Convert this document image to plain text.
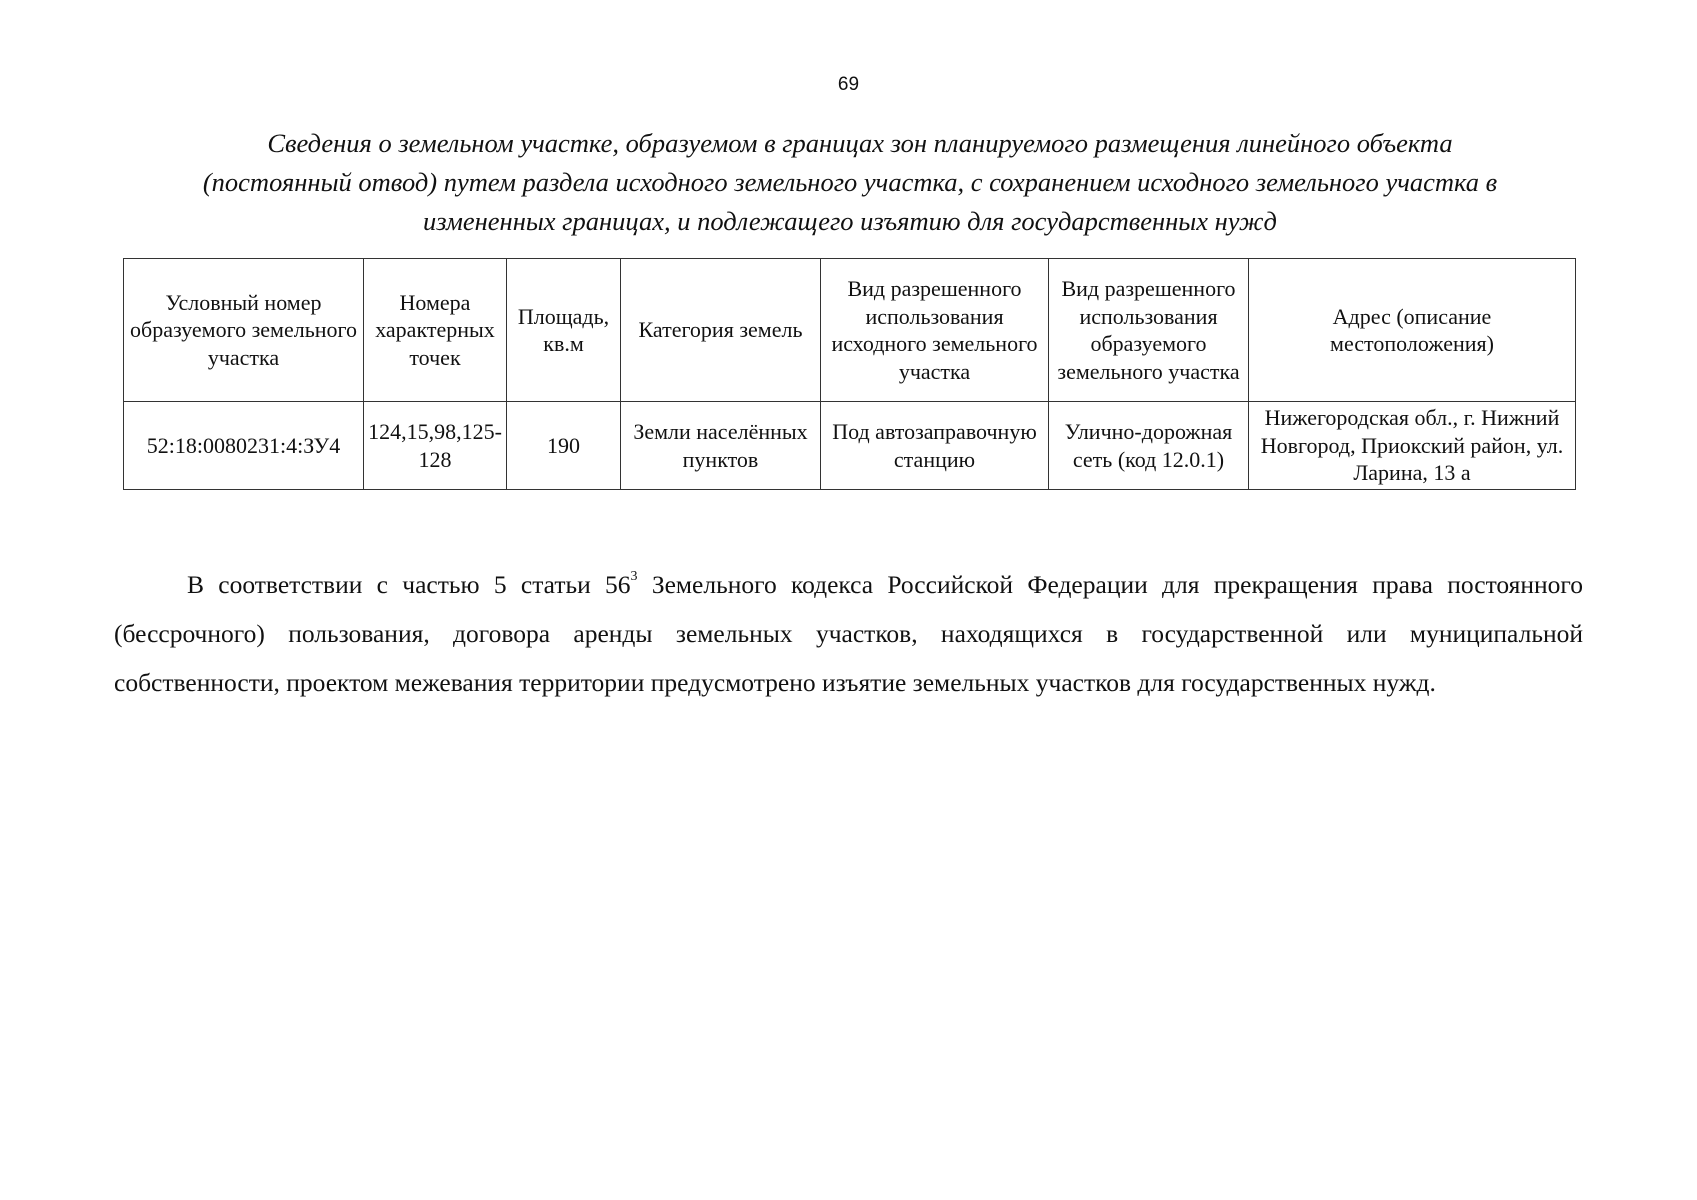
69
Сведения о земельном участке, образуемом в границах зон планируемого размещения линейного объекта
(постоянный отвод) путем раздела исходного земельного участка, с сохранением исходного земельного участка в
измененных границах, и подлежащего изъятию для государственных нужд
Условный номер образуемого земельного участка	Номера характерных точек	Площадь, кв.м	Категория земель	Вид разрешенного использования исходного земельного участка	Вид разрешенного использования образуемого земельного участка	Адрес (описание местоположения)
52:18:0080231:4:ЗУ4	124,15,98,125-128	190	Земли населённых пунктов	Под автозаправочную станцию	Улично-дорожная сеть (код 12.0.1)	Нижегородская обл., г. Нижний Новгород, Приокский район, ул. Ларина, 13 а

В соответствии с частью 5 статьи $56^3$ Земельного кодекса Российской Федерации для прекращения права постоянного (бессрочного) пользования, договора аренды земельных участков, находящихся в государственной или муниципальной собственности, проектом межевания территории предусмотрено изъятие земельных участков для государственных нужд.
